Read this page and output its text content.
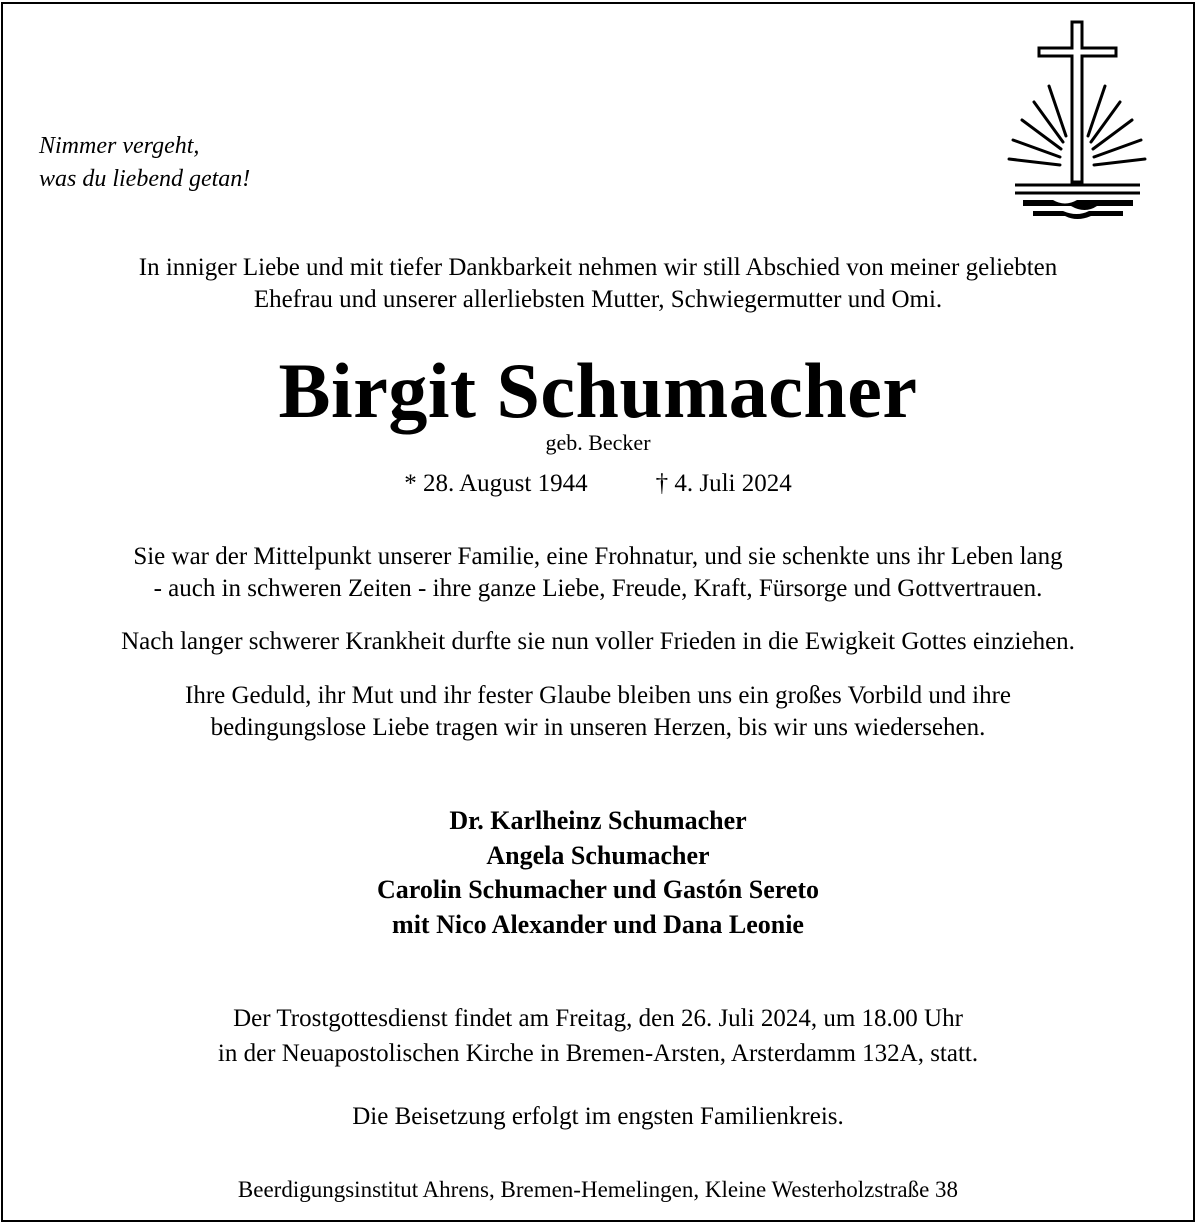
Nimmer vergeht,
was du liebend getan!
In inniger Liebe und mit tiefer Dankbarkeit nehmen wir still Abschied von meiner geliebten
Ehefrau und unserer allerliebsten Mutter, Schwiegermutter und Omi.
Birgit Schumacher
geb. Becker
* 28. August 1944	† 4. Juli 2024
Sie war der Mittelpunkt unserer Familie, eine Frohnatur, und sie schenkte uns ihr Leben lang
- auch in schweren Zeiten - ihre ganze Liebe, Freude, Kraft, Fürsorge und Gottvertrauen.
Nach langer schwerer Krankheit durfte sie nun voller Frieden in die Ewigkeit Gottes einziehen.
Ihre Geduld, ihr Mut und ihr fester Glaube bleiben uns ein großes Vorbild und ihre
bedingungslose Liebe tragen wir in unseren Herzen, bis wir uns wiedersehen.
Dr. Karlheinz Schumacher
Angela Schumacher
Carolin Schumacher und Gastón Sereto
mit Nico Alexander und Dana Leonie
Der Trostgottesdienst findet am Freitag, den 26. Juli 2024, um 18.00 Uhr
in der Neuapostolischen Kirche in Bremen-Arsten, Arsterdamm 132A, statt.
Die Beisetzung erfolgt im engsten Familienkreis.
Beerdigungsinstitut Ahrens, Bremen-Hemelingen, Kleine Westerholzstraße 38
